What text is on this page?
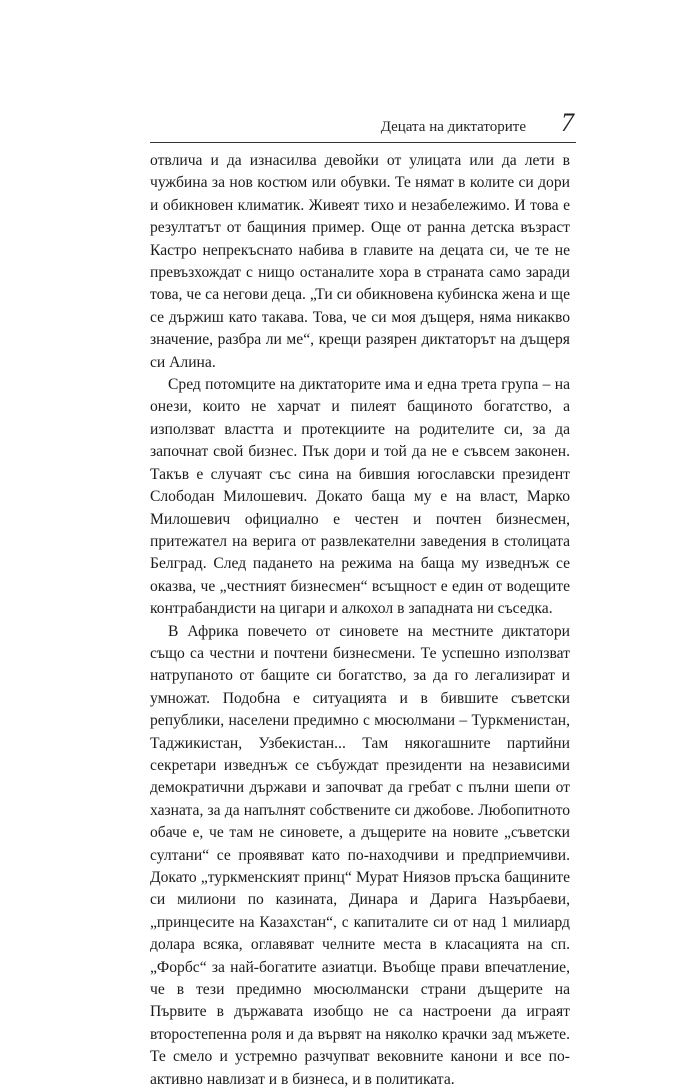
Децата на диктаторите 7

отвлича и да изнасилва девойки от улицата или да лети в чужбина за нов костюм или обувки. Те нямат в колите си дори и обикновен климатик. Живеят тихо и незабележимо. И това е резултатът от бащиния пример. Още от ранна детска възраст Кастро непрекъснато набива в главите на децата си, че те не превъзхождат с нищо останалите хора в страната само заради това, че са негови деца. „Ти си обикновена кубинска жена и ще се държиш като такава. Това, че си моя дъщеря, няма никакво значение, разбра ли ме“, крещи разярен диктаторът на дъщеря си Алина.

Сред потомците на диктаторите има и една трета група – на онези, които не харчат и пилеят бащиното богатство, а използват властта и протекциите на родителите си, за да започнат свой бизнес. Пък дори и той да не е съвсем законен. Такъв е случаят със сина на бившия югославски президент Слободан Милошевич. Докато баща му е на власт, Марко Милошевич официално е честен и почтен бизнесмен, притежател на верига от развлекателни заведения в столицата Белград. След падането на режима на баща му изведнъж се оказва, че „честният бизнесмен“ всъщност е един от водещите контрабандисти на цигари и алкохол в западната ни съседка.

В Африка повечето от синовете на местните диктатори също са честни и почтени бизнесмени. Те успешно използват натрупаното от бащите си богатство, за да го легализират и умножат. Подобна е ситуацията и в бившите съветски републики, населени предимно с мюсюлмани – Туркменистан, Таджикистан, Узбекистан... Там някогашните партийни секретари изведнъж се събуждат президенти на независими демократични държави и започват да гребат с пълни шепи от хазната, за да напълнят собствените си джобове. Любопитното обаче е, че там не синовете, а дъщерите на новите „съветски султани“ се проявяват като по-находчиви и предприемчиви. Докато „туркменският принц“ Мурат Ниязов пръска бащините си милиони по казината, Динара и Дарига Назърбаеви, „принцесите на Казахстан“, с капиталите си от над 1 милиард долара всяка, оглавяват челните места в класацията на сп. „Форбс“ за най-богатите азиатци. Въобще прави впечатление, че в тези предимно мюсюлмански страни дъщерите на Първите в държавата изобщо не са настроени да играят второстепенна роля и да вървят на няколко крачки зад мъжете. Те смело и устремно разчупват вековните канони и все по-активно навлизат и в бизнеса, и в политиката.
